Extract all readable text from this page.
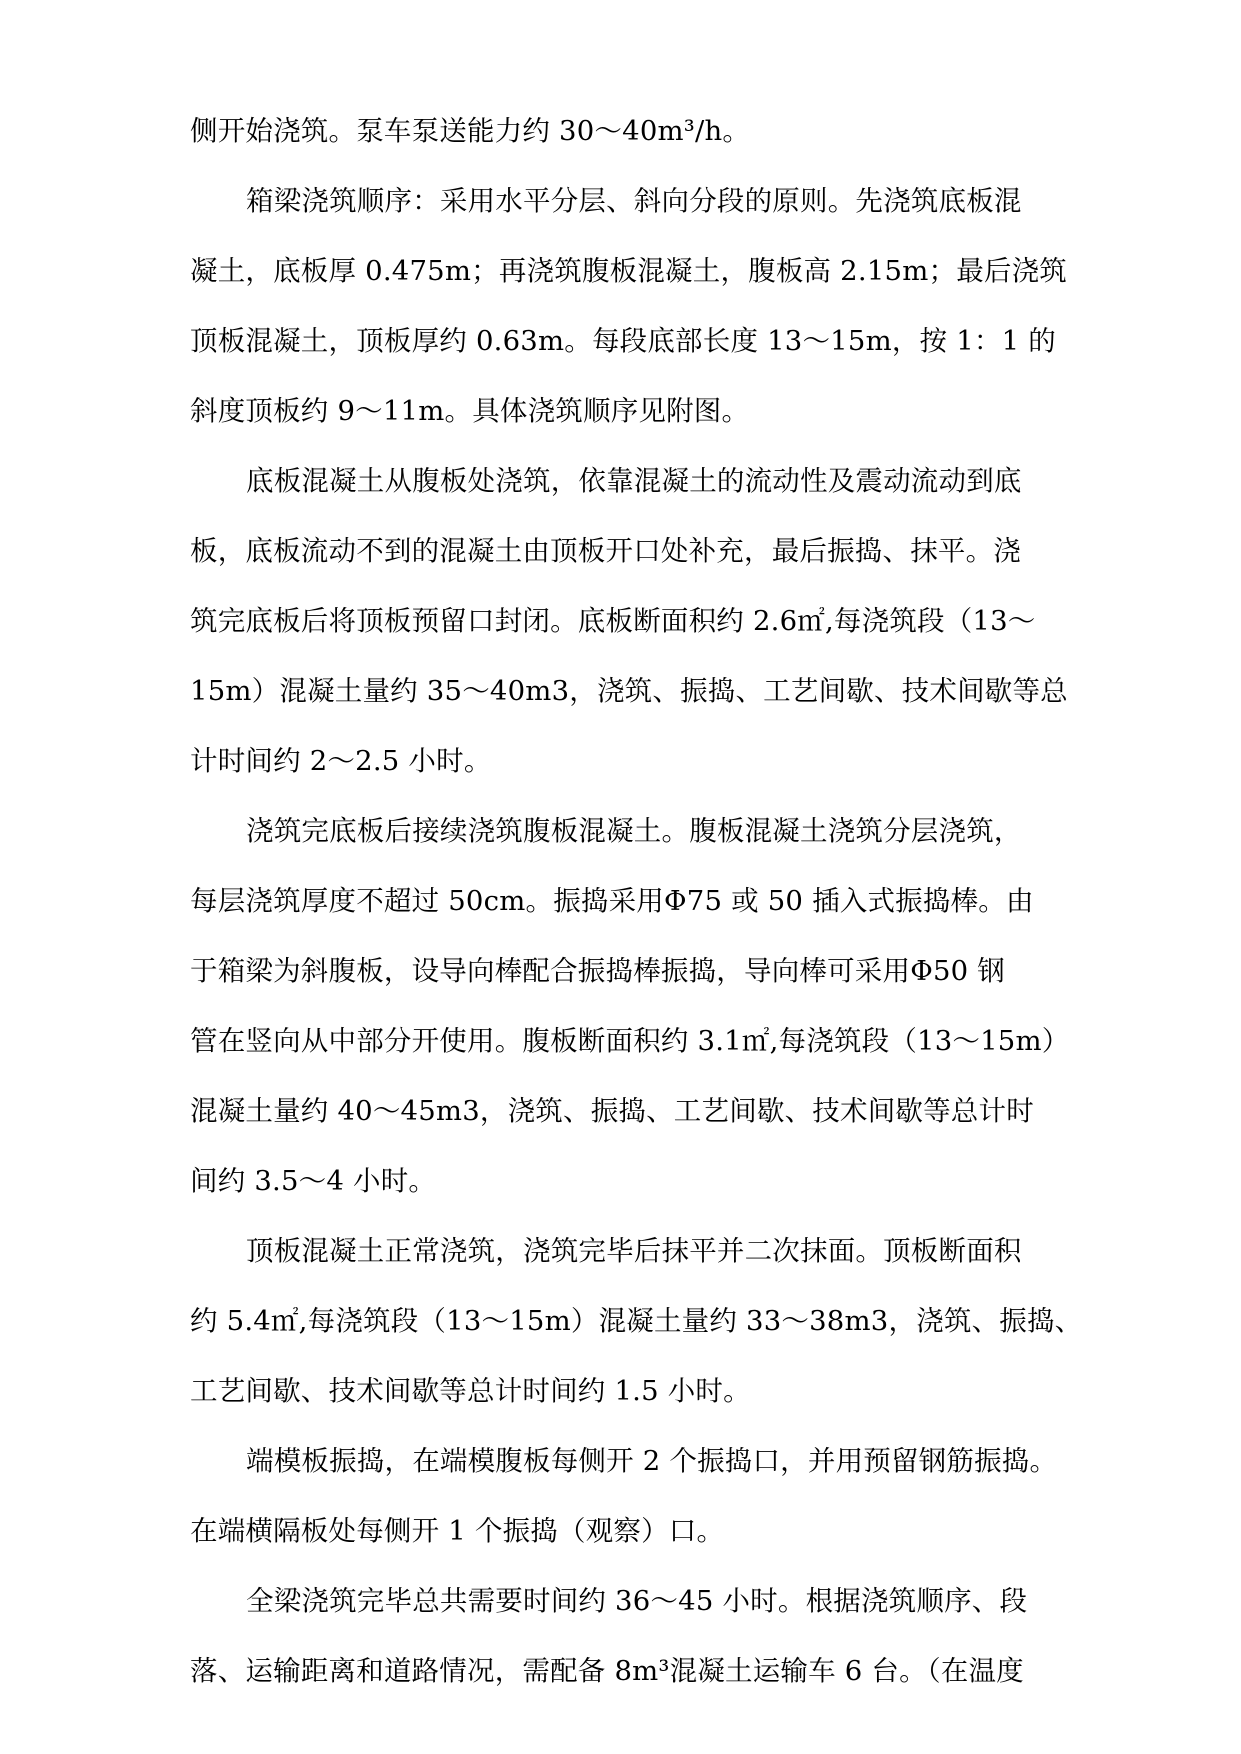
侧开始浇筑。泵车泵送能力约 30～40m³/h。
箱梁浇筑顺序：采用水平分层、斜向分段的原则。先浇筑底板混
凝土，底板厚 0.475m；再浇筑腹板混凝土，腹板高 2.15m；最后浇筑
顶板混凝土，顶板厚约 0.63m。每段底部长度 13～15m，按 1：1 的
斜度顶板约 9～11m。具体浇筑顺序见附图。
底板混凝土从腹板处浇筑，依靠混凝土的流动性及震动流动到底
板，底板流动不到的混凝土由顶板开口处补充，最后振捣、抹平。浇
筑完底板后将顶板预留口封闭。底板断面积约 2.6㎡,每浇筑段（13～
15m）混凝土量约 35～40m3，浇筑、振捣、工艺间歇、技术间歇等总
计时间约 2～2.5 小时。
浇筑完底板后接续浇筑腹板混凝土。腹板混凝土浇筑分层浇筑，
每层浇筑厚度不超过 50cm。振捣采用Φ75 或 50 插入式振捣棒。由
于箱梁为斜腹板，设导向棒配合振捣棒振捣，导向棒可采用Φ50 钢
管在竖向从中部分开使用。腹板断面积约 3.1㎡,每浇筑段（13～15m）
混凝土量约 40～45m3，浇筑、振捣、工艺间歇、技术间歇等总计时
间约 3.5～4 小时。
顶板混凝土正常浇筑，浇筑完毕后抹平并二次抹面。顶板断面积
约 5.4㎡,每浇筑段（13～15m）混凝土量约 33～38m3，浇筑、振捣、
工艺间歇、技术间歇等总计时间约 1.5 小时。
端模板振捣，在端模腹板每侧开 2 个振捣口，并用预留钢筋振捣。
在端横隔板处每侧开 1 个振捣（观察）口。
全梁浇筑完毕总共需要时间约 36～45 小时。根据浇筑顺序、段
落、运输距离和道路情况，需配备 8m³混凝土运输车 6 台。（在温度
